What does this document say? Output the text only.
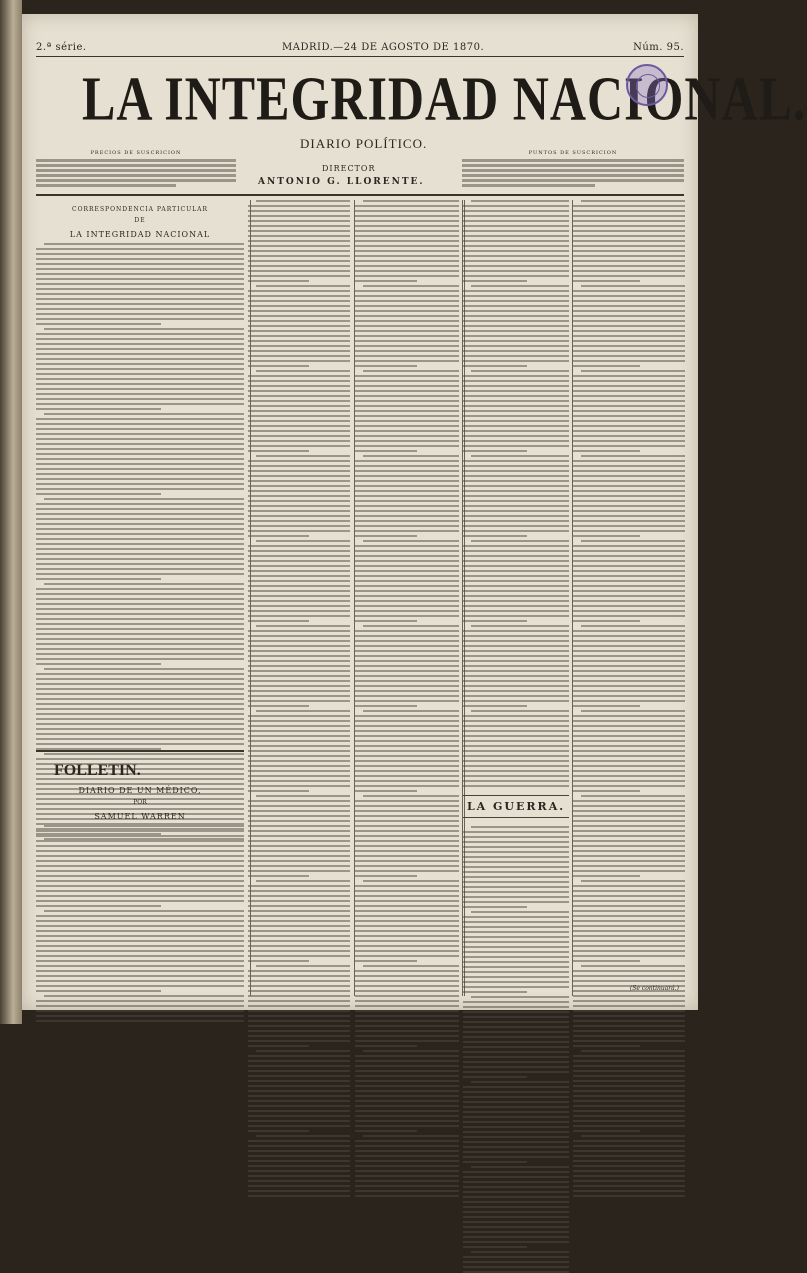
2.ª série.	MADRID.—24 DE AGOSTO DE 1870.	Núm. 95.
LA INTEGRIDAD NACIONAL.
DIARIO POLÍTICO.
PRECIOS DE SUSCRICION
DIRECTOR
ANTONIO G. LLORENTE.
PUNTOS DE SUSCRICION
CORRESPONDENCIA PARTICULAR
DE
LA INTEGRIDAD NACIONAL
FOLLETIN.
DIARIO DE UN MÉDICO,
POR
SAMUEL WARREN
LA GUERRA.
(Se continuará.)
